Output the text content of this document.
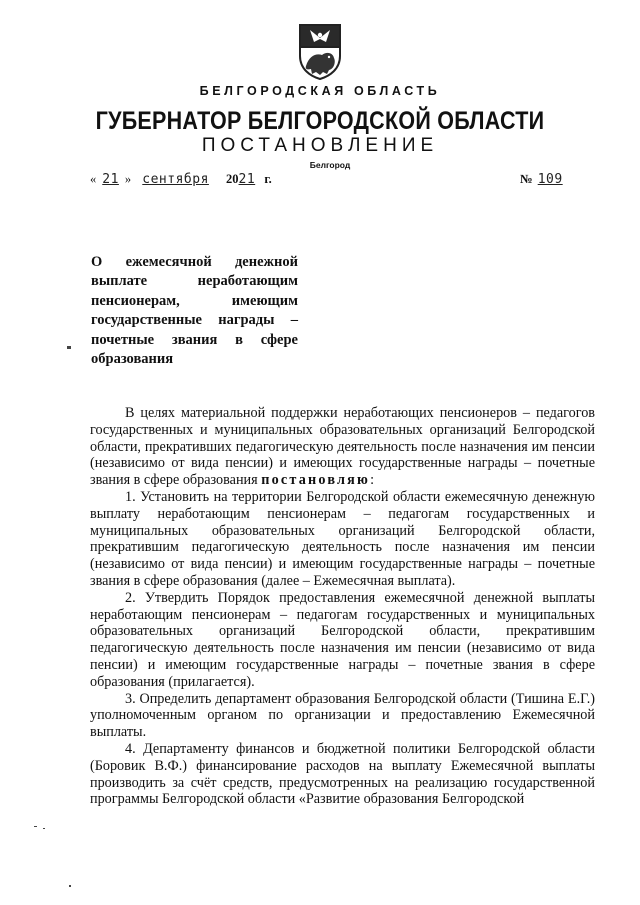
БЕЛГОРОДСКАЯ ОБЛАСТЬ
ГУБЕРНАТОР БЕЛГОРОДСКОЙ ОБЛАСТИ
ПОСТАНОВЛЕНИЕ
Белгород
« 21 » сентября 2021 г.	№ 109
О ежемесячной денежной
выплате неработающим
пенсионерам, имеющим
государственные награды –
почетные звания в сфере
образования

В целях материальной поддержки неработающих пенсионеров – педагогов государственных и муниципальных образовательных организаций Белгородской области, прекративших педагогическую деятельность после назначения им пенсии (независимо от вида пенсии) и имеющих государственные награды – почетные звания в сфере образования постановляю:

1. Установить на территории Белгородской области ежемесячную денежную выплату неработающим пенсионерам – педагогам государственных и муниципальных образовательных организаций Белгородской области, прекратившим педагогическую деятельность после назначения им пенсии (независимо от вида пенсии) и имеющим государственные награды – почетные звания в сфере образования (далее – Ежемесячная выплата).

2. Утвердить Порядок предоставления ежемесячной денежной выплаты неработающим пенсионерам – педагогам государственных и муниципальных образовательных организаций Белгородской области, прекратившим педагогическую деятельность после назначения им пенсии (независимо от вида пенсии) и имеющим государственные награды – почетные звания в сфере образования (прилагается).

3. Определить департамент образования Белгородской области (Тишина Е.Г.) уполномоченным органом по организации и предоставлению Ежемесячной выплаты.

4. Департаменту финансов и бюджетной политики Белгородской области (Боровик В.Ф.) финансирование расходов на выплату Ежемесячной выплаты производить за счёт средств, предусмотренных на реализацию государственной программы Белгородской области «Развитие образования Белгородской
